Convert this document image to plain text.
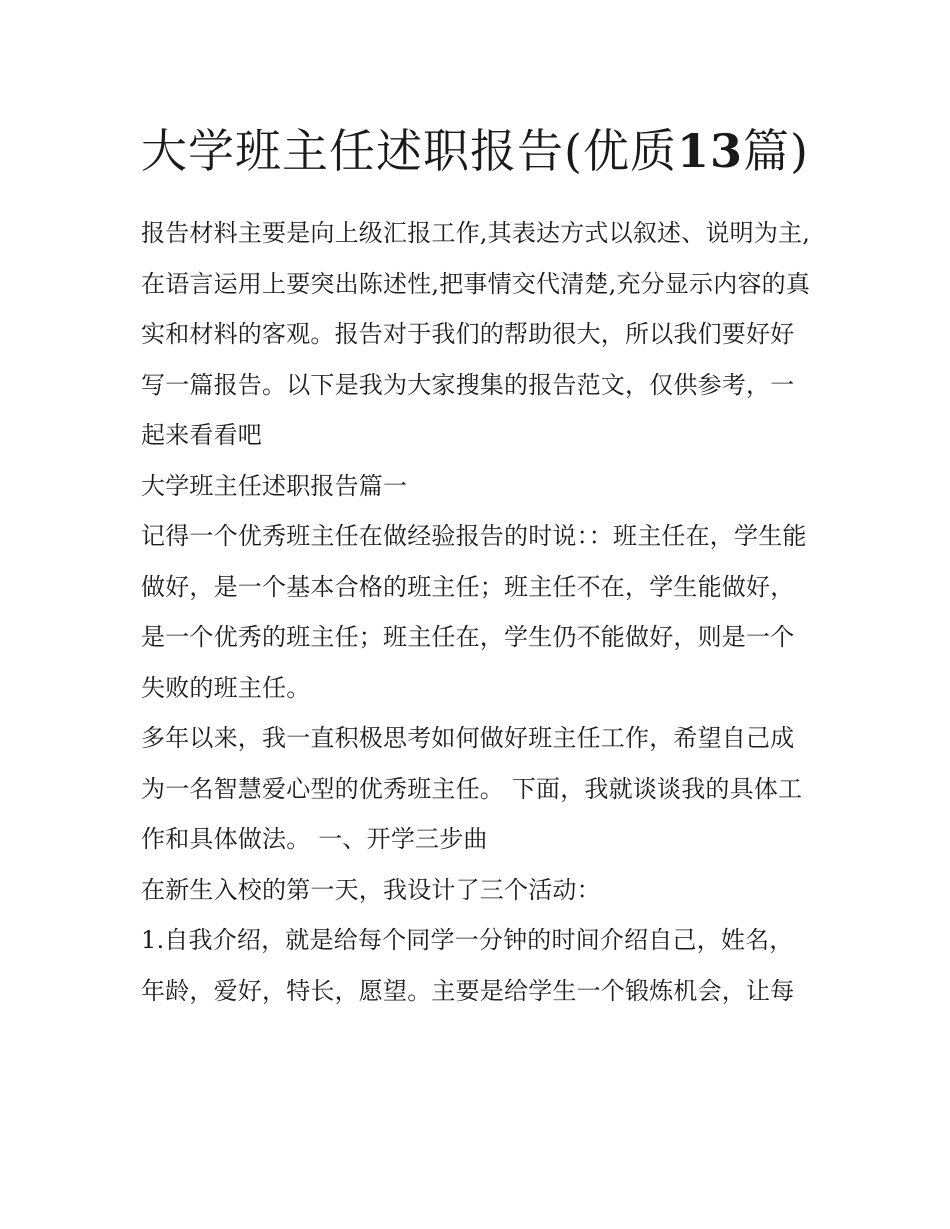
大学班主任述职报告(优质13篇)

报告材料主要是向上级汇报工作,其表达方式以叙述、说明为主,在语言运用上要突出陈述性,把事情交代清楚,充分显示内容的真实和材料的客观。报告对于我们的帮助很大，所以我们要好好写一篇报告。以下是我为大家搜集的报告范文，仅供参考，一起来看看吧

大学班主任述职报告篇一

记得一个优秀班主任在做经验报告的时说：：班主任在，学生能做好，是一个基本合格的班主任；班主任不在，学生能做好，是一个优秀的班主任；班主任在，学生仍不能做好，则是一个失败的班主任。

多年以来，我一直积极思考如何做好班主任工作，希望自己成为一名智慧爱心型的优秀班主任。 下面，我就谈谈我的具体工作和具体做法。 一、开学三步曲

在新生入校的第一天，我设计了三个活动：

1.自我介绍，就是给每个同学一分钟的时间介绍自己，姓名，年龄，爱好，特长，愿望。主要是给学生一个锻炼机会，让每
